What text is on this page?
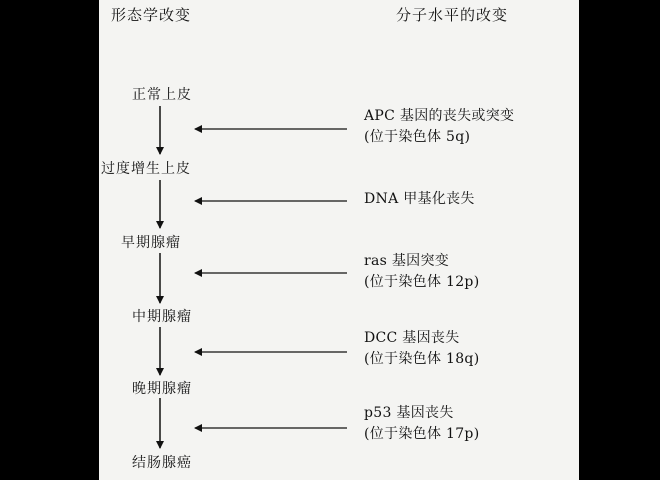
形态学改变	分子水平的改变
正常上皮
过度增生上皮
早期腺瘤
中期腺瘤
晚期腺瘤
结肠腺癌
APC 基因的丧失或突变
(位于染色体 5q)
DNA 甲基化丧失
ras 基因突变
(位于染色体 12p)
DCC 基因丧失
(位于染色体 18q)
p53 基因丧失
(位于染色体 17p)
